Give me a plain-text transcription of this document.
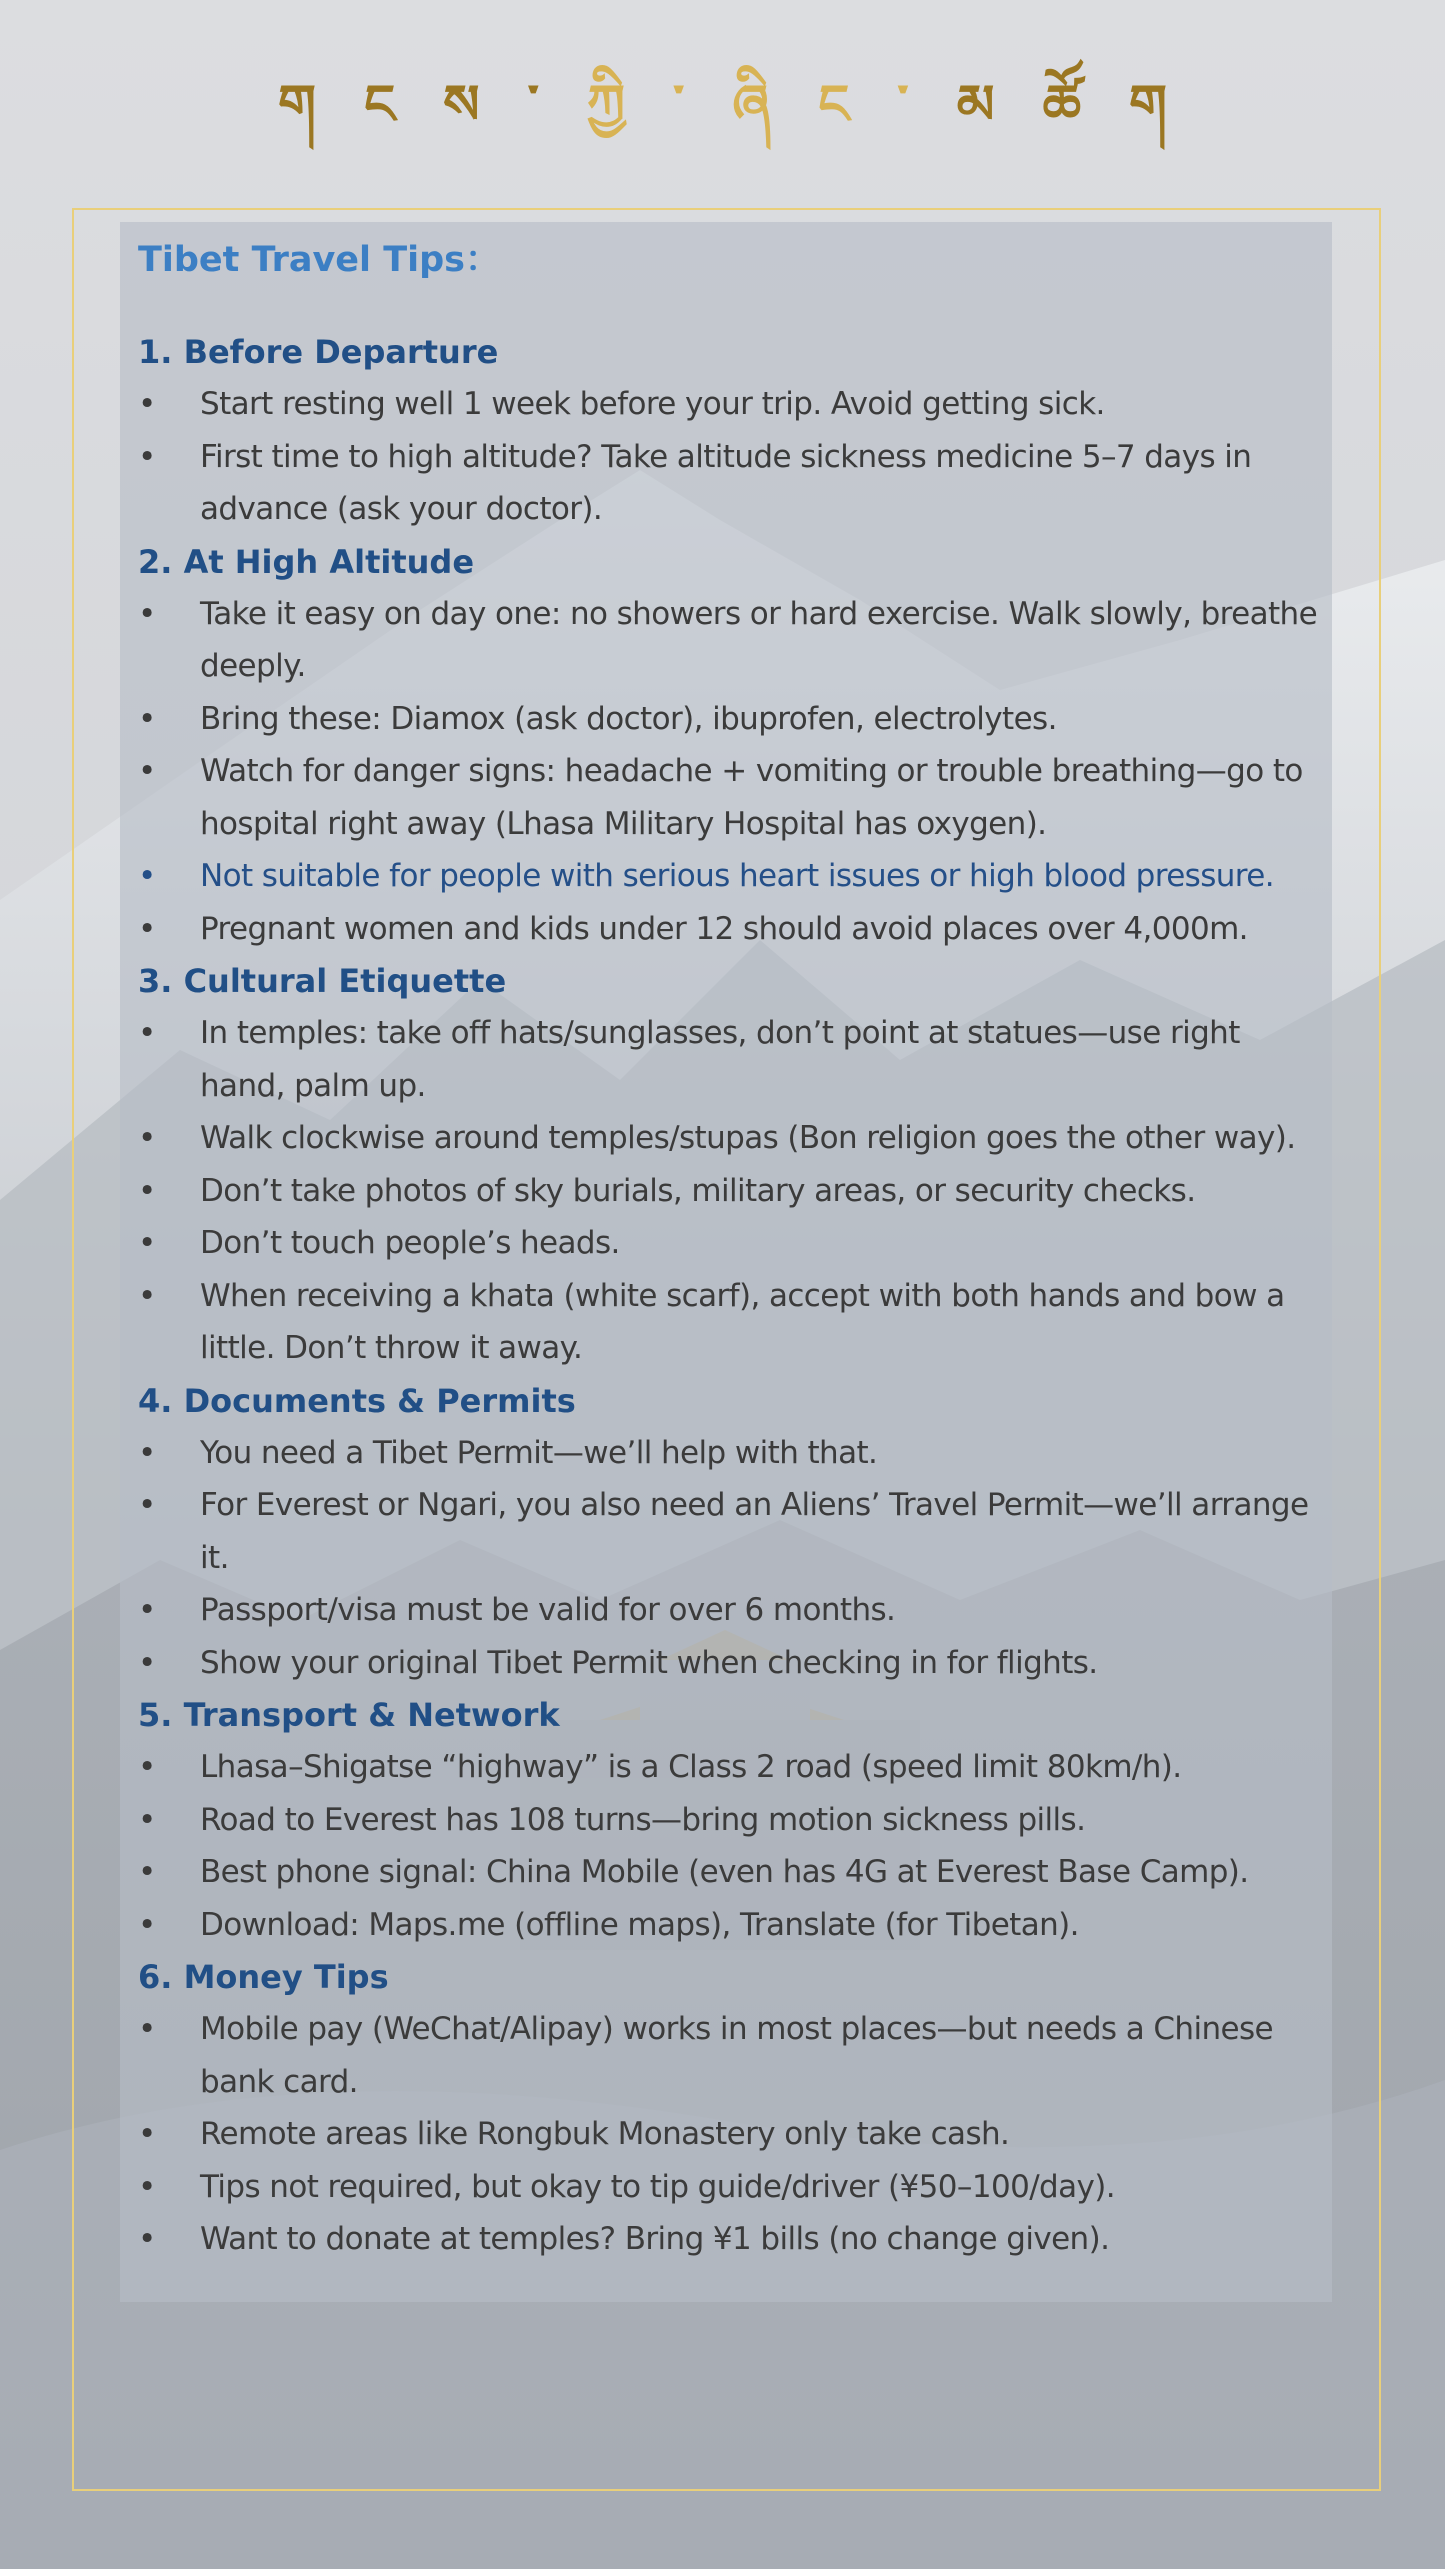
ག ང ས ་ ཀྱི ་ ཞི ང ་ མ ཚོ ག
Tibet Travel Tips：
1. Before Departure
• Start resting well 1 week before your trip. Avoid getting sick.
• First time to high altitude? Take altitude sickness medicine 5–7 days in advance (ask your doctor).
2. At High Altitude
• Take it easy on day one: no showers or hard exercise. Walk slowly, breathe deeply.
• Bring these: Diamox (ask doctor), ibuprofen, electrolytes.
• Watch for danger signs: headache + vomiting or trouble breathing—go to hospital right away (Lhasa Military Hospital has oxygen).
• Not suitable for people with serious heart issues or high blood pressure.
• Pregnant women and kids under 12 should avoid places over 4,000m.
3. Cultural Etiquette
• In temples: take off hats/sunglasses, don’t point at statues—use right hand, palm up.
• Walk clockwise around temples/stupas (Bon religion goes the other way).
• Don’t take photos of sky burials, military areas, or security checks.
• Don’t touch people’s heads.
• When receiving a khata (white scarf), accept with both hands and bow a little. Don’t throw it away.
4. Documents & Permits
• You need a Tibet Permit—we’ll help with that.
• For Everest or Ngari, you also need an Aliens’ Travel Permit—we’ll arrange it.
• Passport/visa must be valid for over 6 months.
• Show your original Tibet Permit when checking in for flights.
5. Transport & Network
• Lhasa–Shigatse “highway” is a Class 2 road (speed limit 80km/h).
• Road to Everest has 108 turns—bring motion sickness pills.
• Best phone signal: China Mobile (even has 4G at Everest Base Camp).
• Download: Maps.me (offline maps), Translate (for Tibetan).
6. Money Tips
• Mobile pay (WeChat/Alipay) works in most places—but needs a Chinese bank card.
• Remote areas like Rongbuk Monastery only take cash.
• Tips not required, but okay to tip guide/driver (¥50–100/day).
• Want to donate at temples? Bring ¥1 bills (no change given).
